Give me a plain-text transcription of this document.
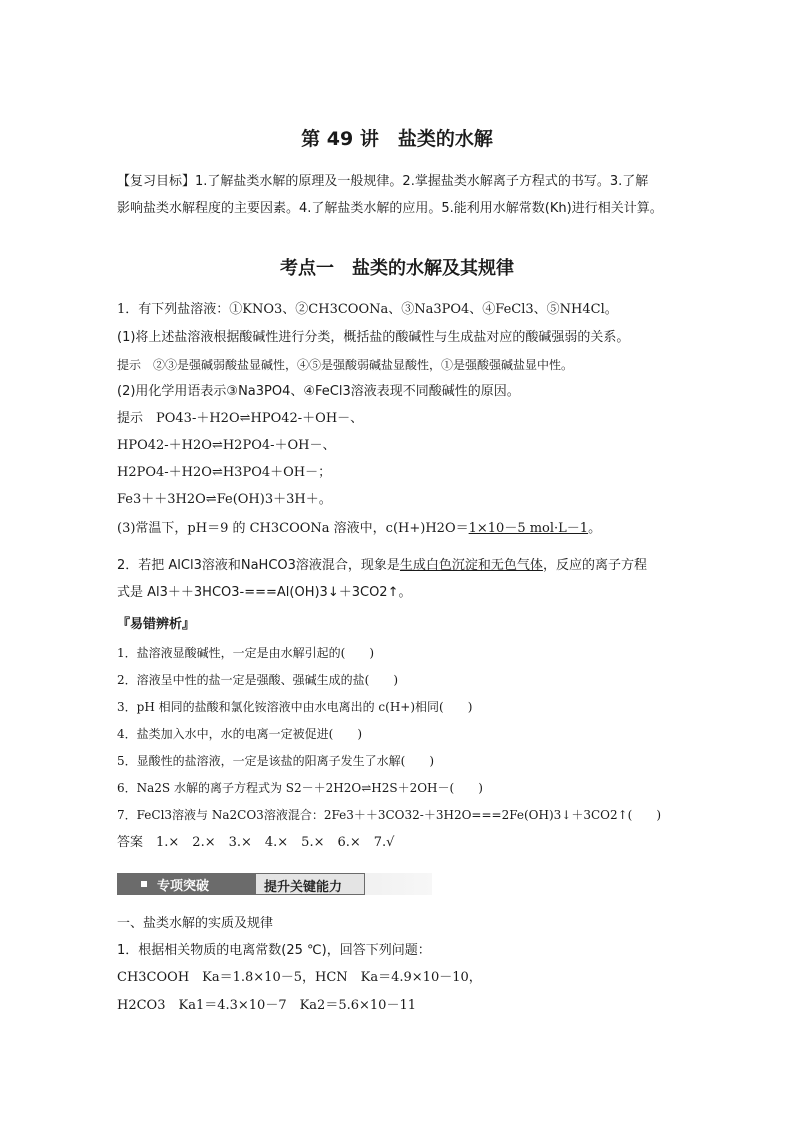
第 49 讲　盐类的水解
【复习目标】1.了解盐类水解的原理及一般规律。2.掌握盐类水解离子方程式的书写。3.了解
影响盐类水解程度的主要因素。4.了解盐类水解的应用。5.能利用水解常数(Kh)进行相关计算。
考点一　盐类的水解及其规律
1．有下列盐溶液：①KNO3、②CH3COONa、③Na3PO4、④FeCl3、⑤NH4Cl。
(1)将上述盐溶液根据酸碱性进行分类，概括盐的酸碱性与生成盐对应的酸碱强弱的关系。
提示　②③是强碱弱酸盐显碱性，④⑤是强酸弱碱盐显酸性，①是强酸强碱盐显中性。
(2)用化学用语表示③Na3PO4、④FeCl3溶液表现不同酸碱性的原因。
提示　PO43-＋H2O⇌HPO42-＋OH－、
HPO42-＋H2O⇌H2PO4-＋OH－、
H2PO4-＋H2O⇌H3PO4＋OH－；
Fe3＋＋3H2O⇌Fe(OH)3＋3H＋。
(3)常温下，pH＝9 的 CH3COONa 溶液中，c(H+)H2O＝1×10－5 mol·L－1。
2．若把 AlCl3溶液和NaHCO3溶液混合，现象是生成白色沉淀和无色气体，反应的离子方程
式是 Al3＋＋3HCO3-===Al(OH)3↓＋3CO2↑。
『易错辨析』
1．盐溶液显酸碱性，一定是由水解引起的(　　)
2．溶液呈中性的盐一定是强酸、强碱生成的盐(　　)
3．pH 相同的盐酸和氯化铵溶液中由水电离出的 c(H+)相同(　　)
4．盐类加入水中，水的电离一定被促进(　　)
5．显酸性的盐溶液，一定是该盐的阳离子发生了水解(　　)
6．Na2S 水解的离子方程式为 S2－＋2H2O⇌H2S＋2OH－(　　)
7．FeCl3溶液与 Na2CO3溶液混合：2Fe3＋＋3CO32-＋3H2O===2Fe(OH)3↓＋3CO2↑(　　)
答案　1.×　2.×　3.×　4.×　5.×　6.×　7.√
专项突破	提升关键能力
一、盐类水解的实质及规律
1．根据相关物质的电离常数(25 ℃)，回答下列问题：
CH3COOH　Ka＝1.8×10－5，HCN　Ka＝4.9×10－10，
H2CO3　Ka1＝4.3×10－7　Ka2＝5.6×10－11
